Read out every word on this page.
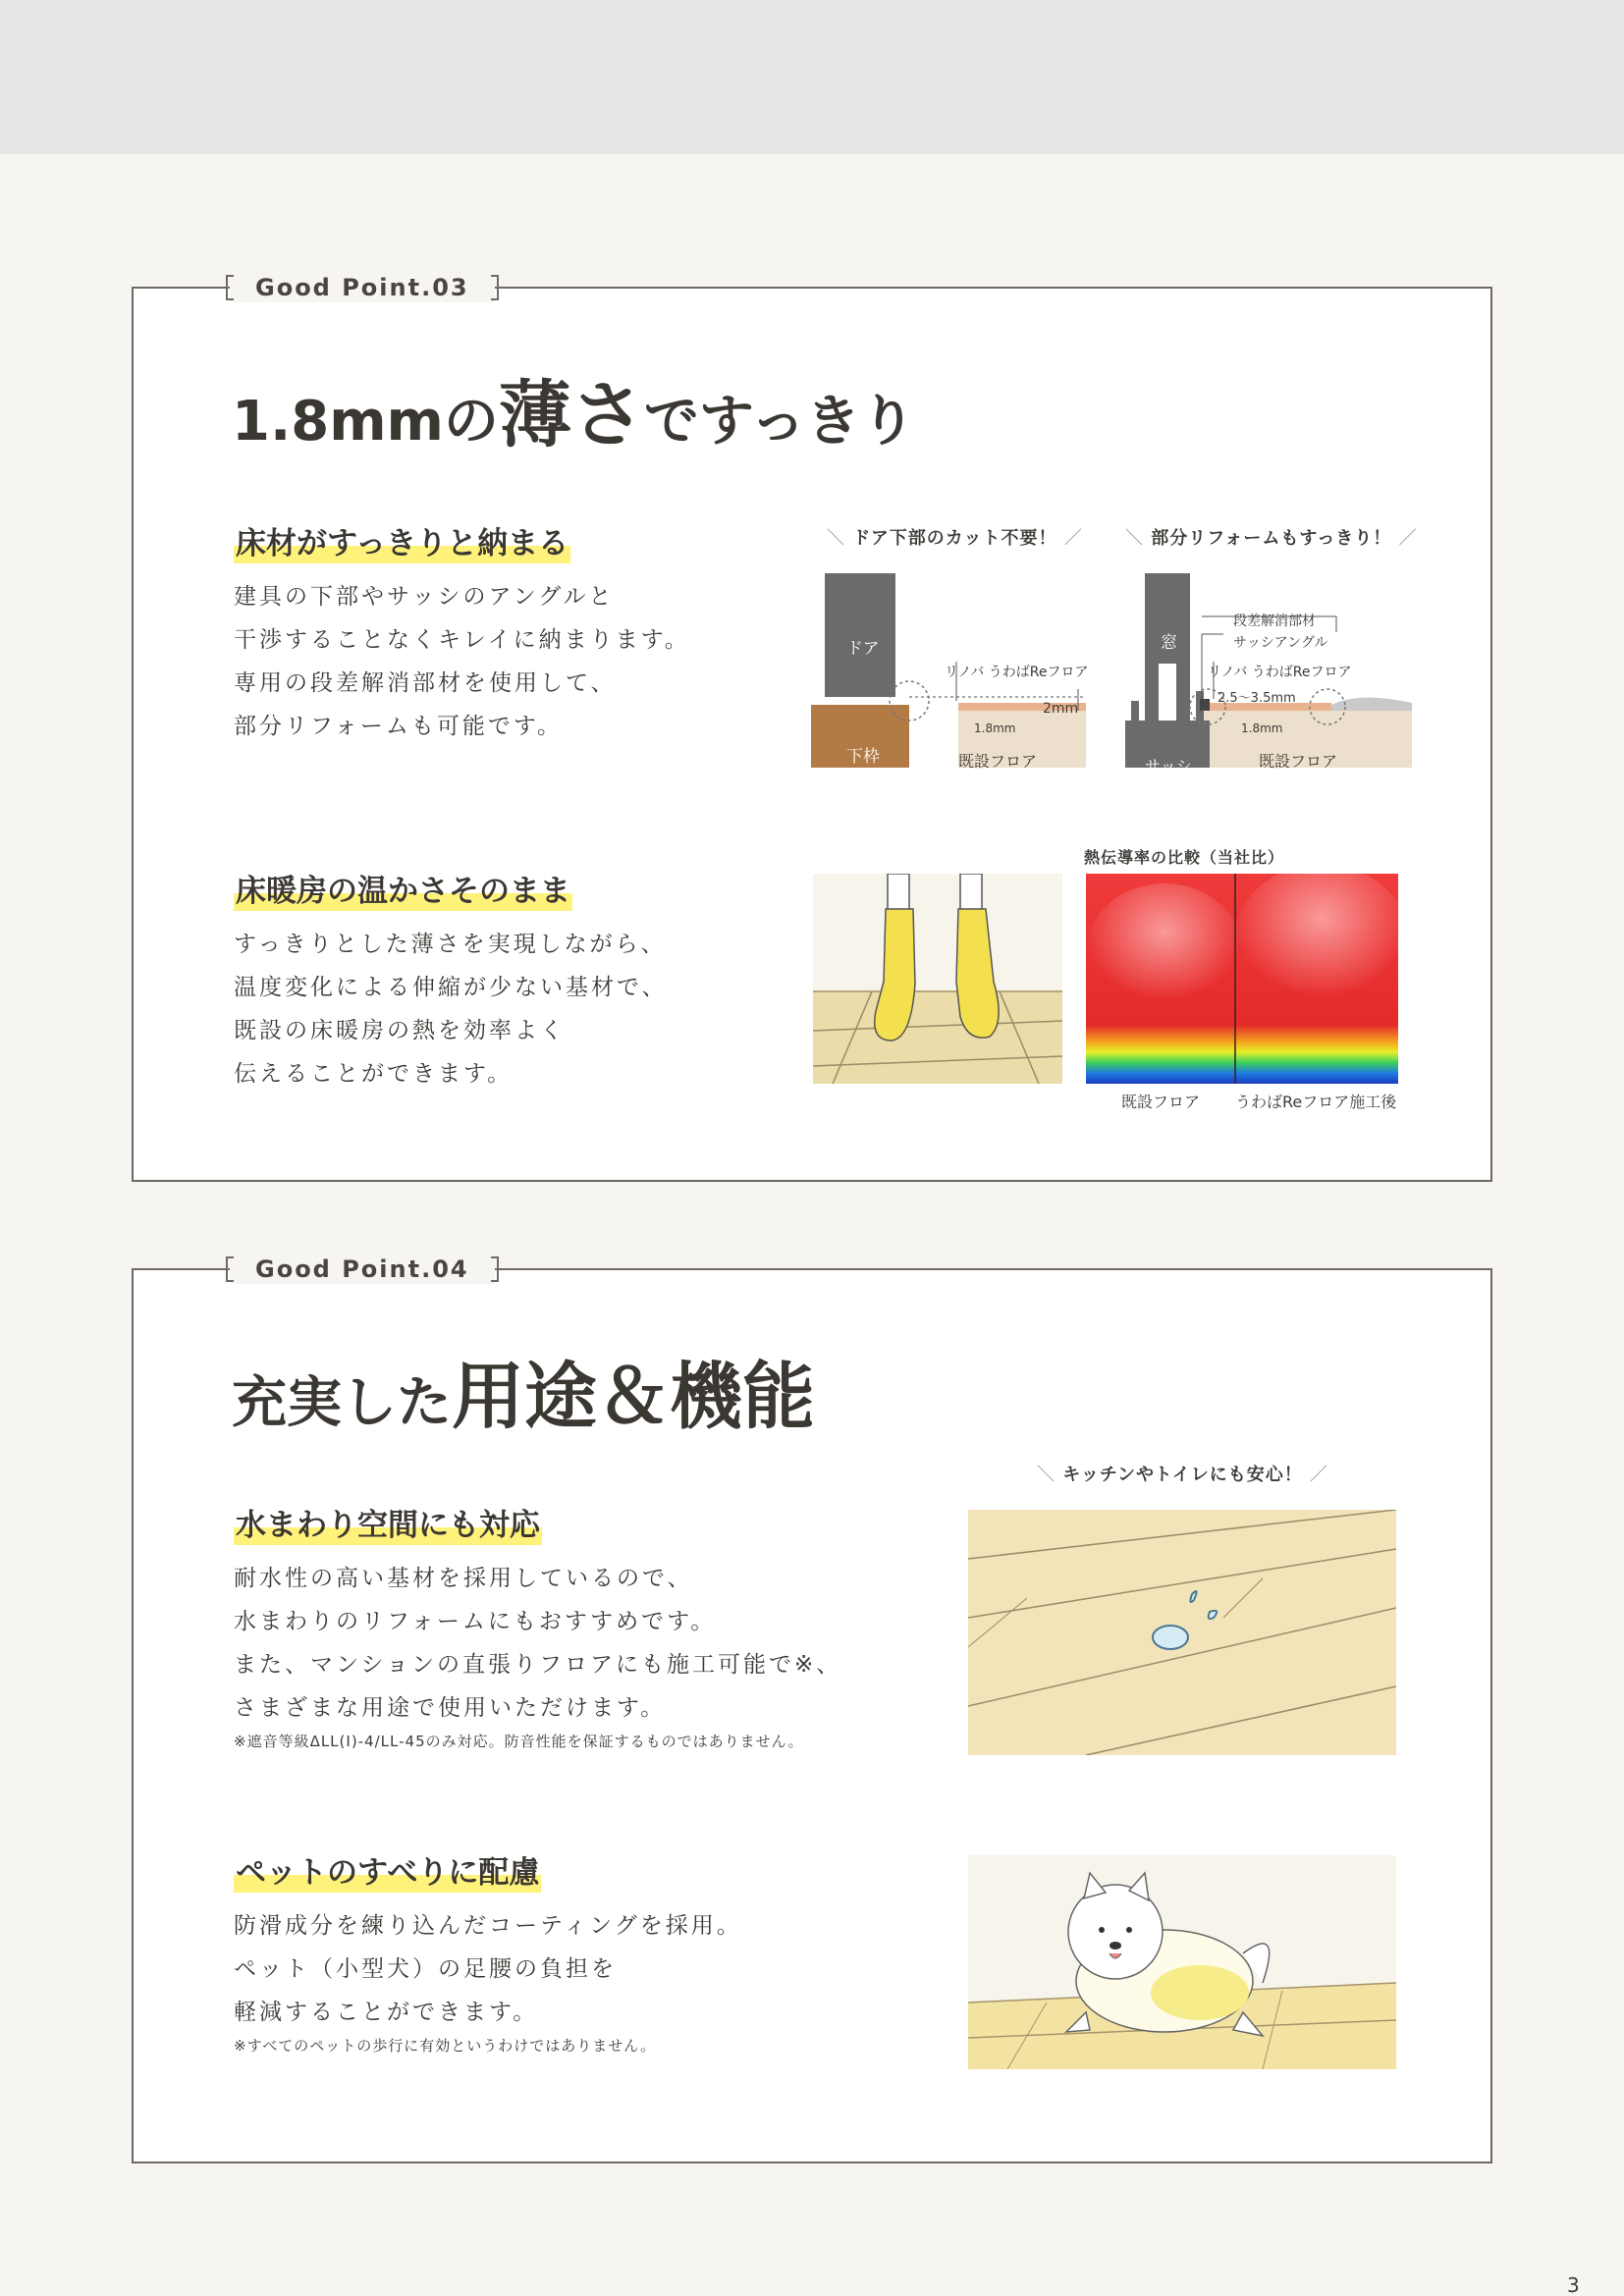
Good Point.03
1.8mmの薄さですっきり
床材がすっきりと納まる
建具の下部やサッシのアングルと
干渉することなくキレイに納まります。
専用の段差解消部材を使用して、
部分リフォームも可能です。
＼ ドア下部のカット不要！ ／
ドア
下枠
リノバ うわばReフロア
2mm
1.8mm
既設フロア
＼ 部分リフォームもすっきり！ ／
窓
サッシ
段差解消部材
サッシアングル
リノバ うわばReフロア
2.5～3.5mm
1.8mm
既設フロア
床暖房の温かさそのまま
すっきりとした薄さを実現しながら、
温度変化による伸縮が少ない基材で、
既設の床暖房の熱を効率よく
伝えることができます。
熱伝導率の比較（当社比）
既設フロア うわばReフロア施工後
Good Point.04
充実した用途＆機能
水まわり空間にも対応
耐水性の高い基材を採用しているので、
水まわりのリフォームにもおすすめです。
また、マンションの直張りフロアにも施工可能で※、
さまざまな用途で使用いただけます。
※遮音等級ΔLL(I)-4/LL-45のみ対応。防音性能を保証するものではありません。
＼ キッチンやトイレにも安心！ ／
ペットのすべりに配慮
防滑成分を練り込んだコーティングを採用。
ペット（小型犬）の足腰の負担を
軽減することができます。
※すべてのペットの歩行に有効というわけではありません。
3
